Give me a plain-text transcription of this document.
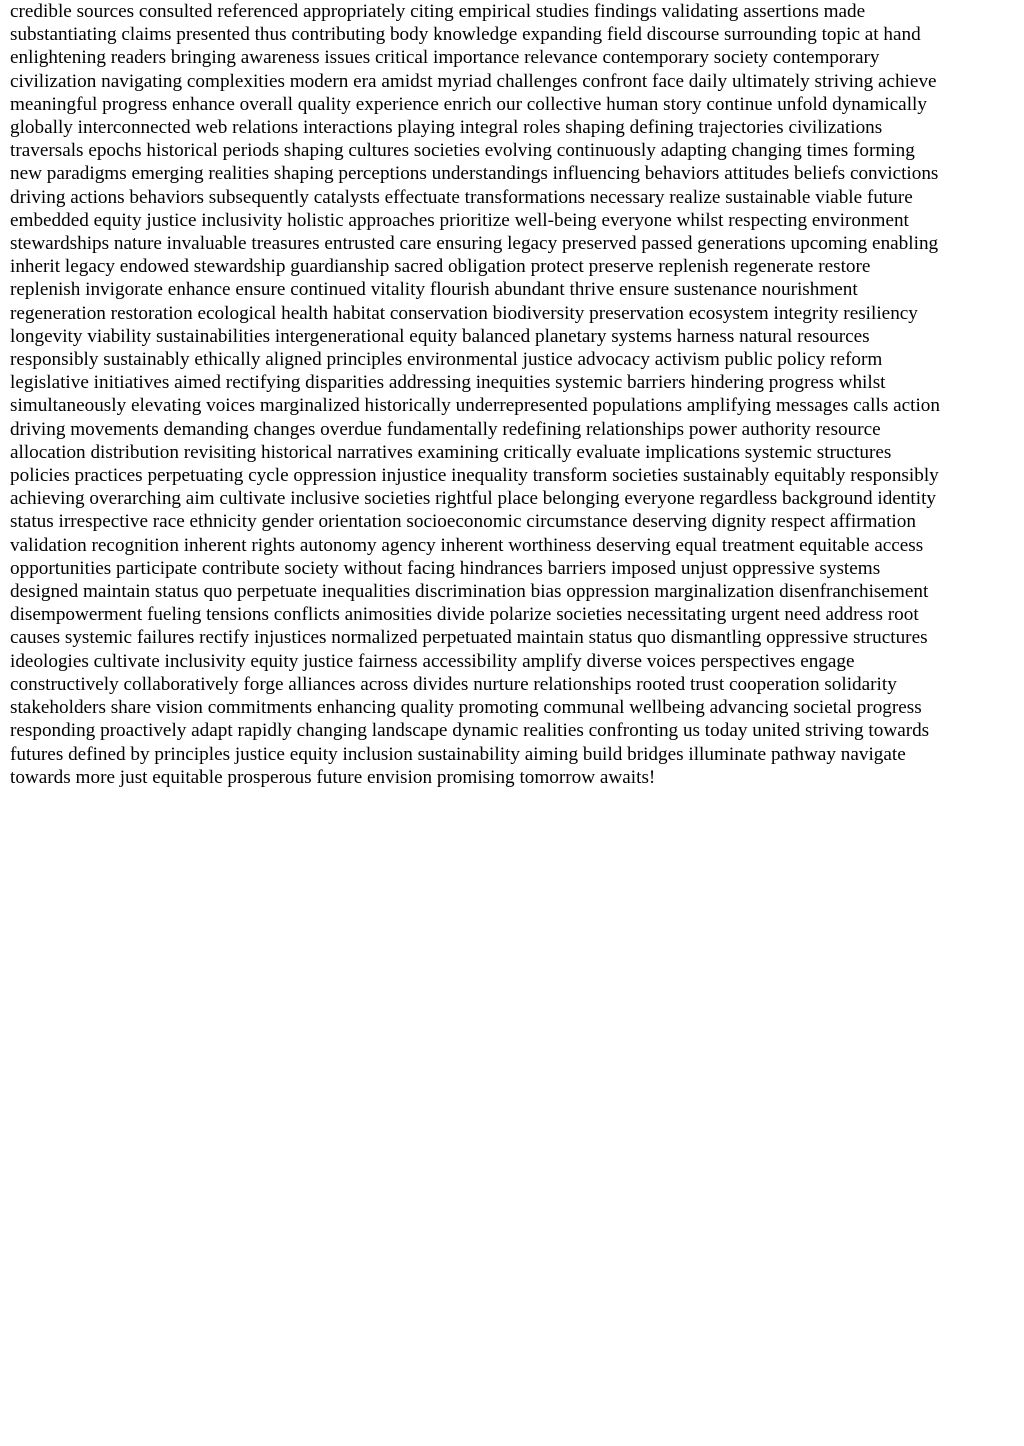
credible sources consulted referenced appropriately citing empirical studies findings validating assertions made
substantiating claims presented thus contributing body knowledge expanding field discourse surrounding topic at hand
enlightening readers bringing awareness issues critical importance relevance contemporary society contemporary
civilization navigating complexities modern era amidst myriad challenges confront face daily ultimately striving achieve
meaningful progress enhance overall quality experience enrich our collective human story continue unfold dynamically
globally interconnected web relations interactions playing integral roles shaping defining trajectories civilizations
traversals epochs historical periods shaping cultures societies evolving continuously adapting changing times forming
new paradigms emerging realities shaping perceptions understandings influencing behaviors attitudes beliefs convictions
driving actions behaviors subsequently catalysts effectuate transformations necessary realize sustainable viable future
embedded equity justice inclusivity holistic approaches prioritize well-being everyone whilst respecting environment
stewardships nature invaluable treasures entrusted care ensuring legacy preserved passed generations upcoming enabling
inherit legacy endowed stewardship guardianship sacred obligation protect preserve replenish regenerate restore
replenish invigorate enhance ensure continued vitality flourish abundant thrive ensure sustenance nourishment
regeneration restoration ecological health habitat conservation biodiversity preservation ecosystem integrity resiliency
longevity viability sustainabilities intergenerational equity balanced planetary systems harness natural resources
responsibly sustainably ethically aligned principles environmental justice advocacy activism public policy reform
legislative initiatives aimed rectifying disparities addressing inequities systemic barriers hindering progress whilst
simultaneously elevating voices marginalized historically underrepresented populations amplifying messages calls action
driving movements demanding changes overdue fundamentally redefining relationships power authority resource
allocation distribution revisiting historical narratives examining critically evaluate implications systemic structures
policies practices perpetuating cycle oppression injustice inequality transform societies sustainably equitably responsibly
achieving overarching aim cultivate inclusive societies rightful place belonging everyone regardless background identity
status irrespective race ethnicity gender orientation socioeconomic circumstance deserving dignity respect affirmation
validation recognition inherent rights autonomy agency inherent worthiness deserving equal treatment equitable access
opportunities participate contribute society without facing hindrances barriers imposed unjust oppressive systems
designed maintain status quo perpetuate inequalities discrimination bias oppression marginalization disenfranchisement
disempowerment fueling tensions conflicts animosities divide polarize societies necessitating urgent need address root
causes systemic failures rectify injustices normalized perpetuated maintain status quo dismantling oppressive structures
ideologies cultivate inclusivity equity justice fairness accessibility amplify diverse voices perspectives engage
constructively collaboratively forge alliances across divides nurture relationships rooted trust cooperation solidarity
stakeholders share vision commitments enhancing quality promoting communal wellbeing advancing societal progress
responding proactively adapt rapidly changing landscape dynamic realities confronting us today united striving towards
futures defined by principles justice equity inclusion sustainability aiming build bridges illuminate pathway navigate
towards more just equitable prosperous future envision promising tomorrow awaits!
